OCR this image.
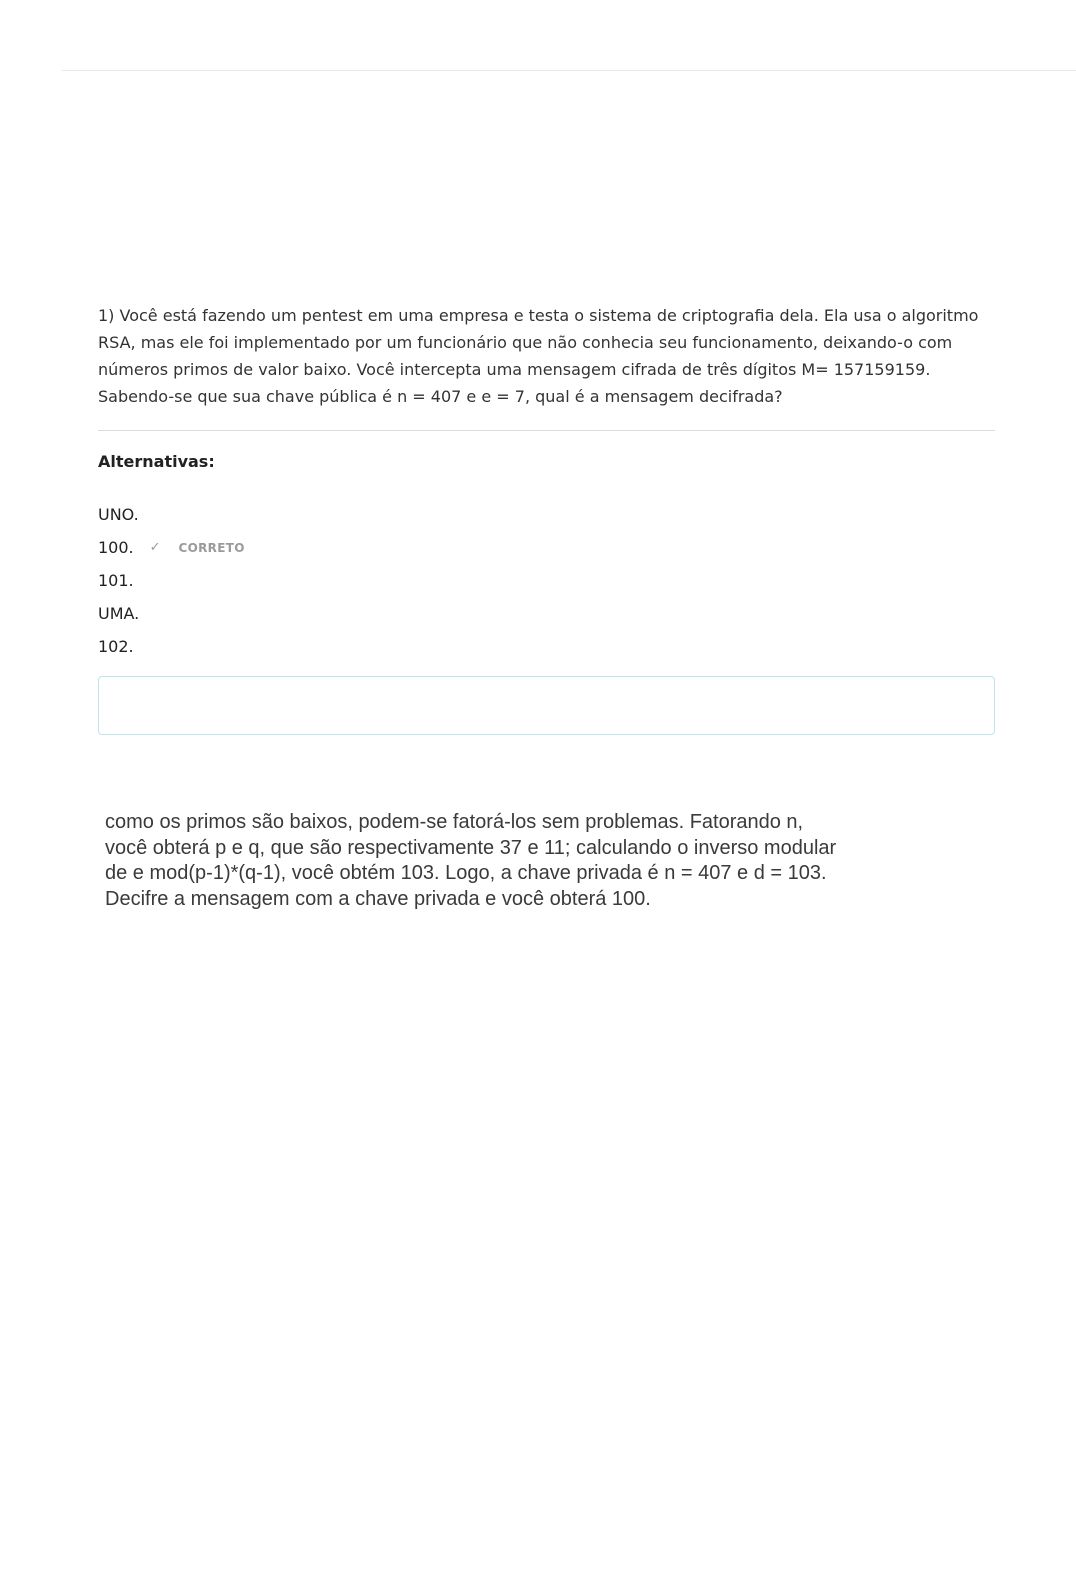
1) Você está fazendo um pentest em uma empresa e testa o sistema de criptografia dela. Ela usa o algoritmo RSA, mas ele foi implementado por um funcionário que não conhecia seu funcionamento, deixando-o com números primos de valor baixo. Você intercepta uma mensagem cifrada de três dígitos M= 157159159. Sabendo-se que sua chave pública é n = 407 e e = 7, qual é a mensagem decifrada?

Alternativas:
UNO.
100. ✓ CORRETO
101.
UMA.
102.

como os primos são baixos, podem-se fatorá-los sem problemas. Fatorando n, você obterá p e q, que são respectivamente 37 e 11; calculando o inverso modular de e mod(p-1)*(q-1), você obtém 103. Logo, a chave privada é n = 407 e d = 103. Decifre a mensagem com a chave privada e você obterá 100.
